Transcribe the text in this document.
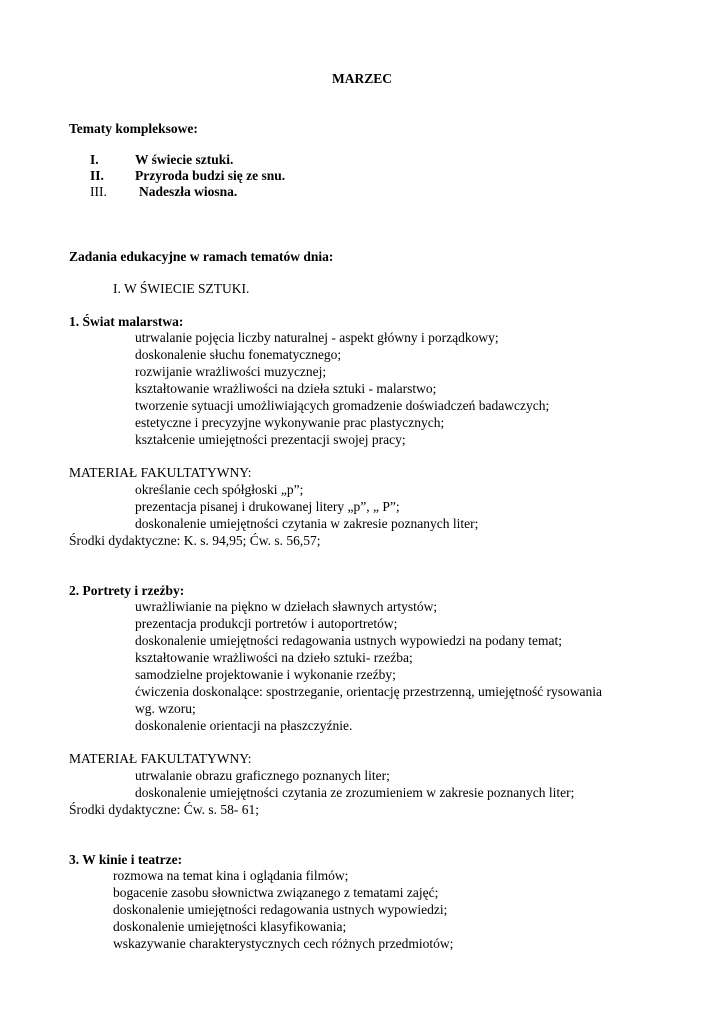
MARZEC
Tematy kompleksowe:
I.	W świecie sztuki.
II. Przyroda budzi się ze snu.
III. Nadeszła wiosna.
Zadania edukacyjne w ramach tematów dnia:
I. W ŚWIECIE SZTUKI.
1. Świat malarstwa:
utrwalanie pojęcia liczby naturalnej - aspekt główny i porządkowy;
doskonalenie słuchu fonematycznego;
rozwijanie wrażliwości muzycznej;
kształtowanie wrażliwości na dzieła sztuki - malarstwo;
tworzenie sytuacji umożliwiających gromadzenie doświadczeń badawczych;
estetyczne i precyzyjne wykonywanie prac plastycznych;
kształcenie umiejętności prezentacji swojej pracy;
MATERIAŁ FAKULTATYWNY:
określanie cech spółgłoski „p”;
prezentacja pisanej i drukowanej litery „p”, „ P”;
doskonalenie umiejętności czytania w zakresie poznanych liter;
Środki dydaktyczne: K. s. 94,95; Ćw. s. 56,57;
2. Portrety i rzeźby:
uwrażliwianie na piękno w dziełach sławnych artystów;
prezentacja produkcji portretów i autoportretów;
doskonalenie umiejętności redagowania ustnych wypowiedzi na podany temat;
kształtowanie wrażliwości na dzieło sztuki- rzeźba;
samodzielne projektowanie i wykonanie rzeźby;
ćwiczenia doskonalące: spostrzeganie, orientację przestrzenną, umiejętność rysowania
wg. wzoru;
doskonalenie orientacji na płaszczyźnie.
MATERIAŁ FAKULTATYWNY:
utrwalanie obrazu graficznego poznanych liter;
doskonalenie umiejętności czytania ze zrozumieniem w zakresie poznanych liter;
Środki dydaktyczne: Ćw. s. 58- 61;
3. W kinie i teatrze:
rozmowa na temat kina i oglądania filmów;
bogacenie zasobu słownictwa związanego z tematami zajęć;
doskonalenie umiejętności redagowania ustnych wypowiedzi;
doskonalenie umiejętności klasyfikowania;
wskazywanie charakterystycznych cech różnych przedmiotów;
